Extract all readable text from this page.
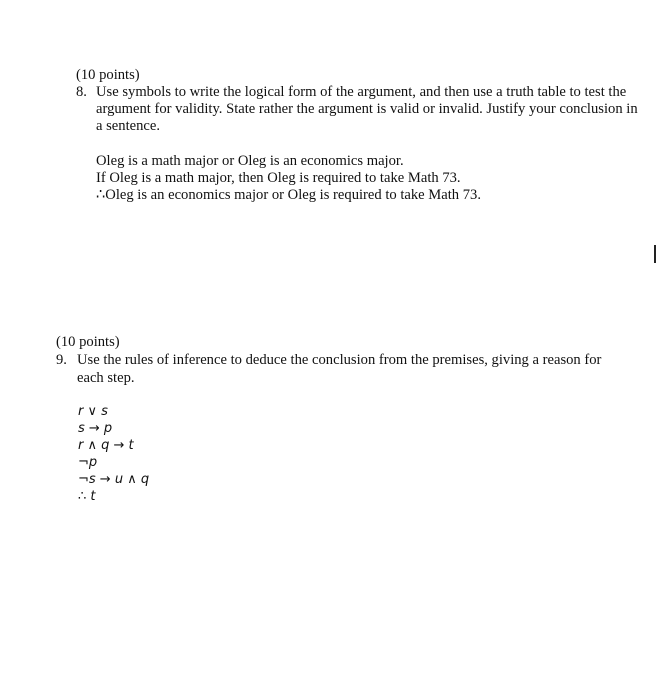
(10 points)
8. Use symbols to write the logical form of the argument, and then use a truth table to test the
argument for validity. State rather the argument is valid or invalid. Justify your conclusion in
a sentence.
Oleg is a math major or Oleg is an economics major.
If Oleg is a math major, then Oleg is required to take Math 73.
∴Oleg is an economics major or Oleg is required to take Math 73.
(10 points)
9. Use the rules of inference to deduce the conclusion from the premises, giving a reason for
each step.
r ∨ s
s → p
r ∧ q → t
¬p
¬s → u ∧ q
∴ t
